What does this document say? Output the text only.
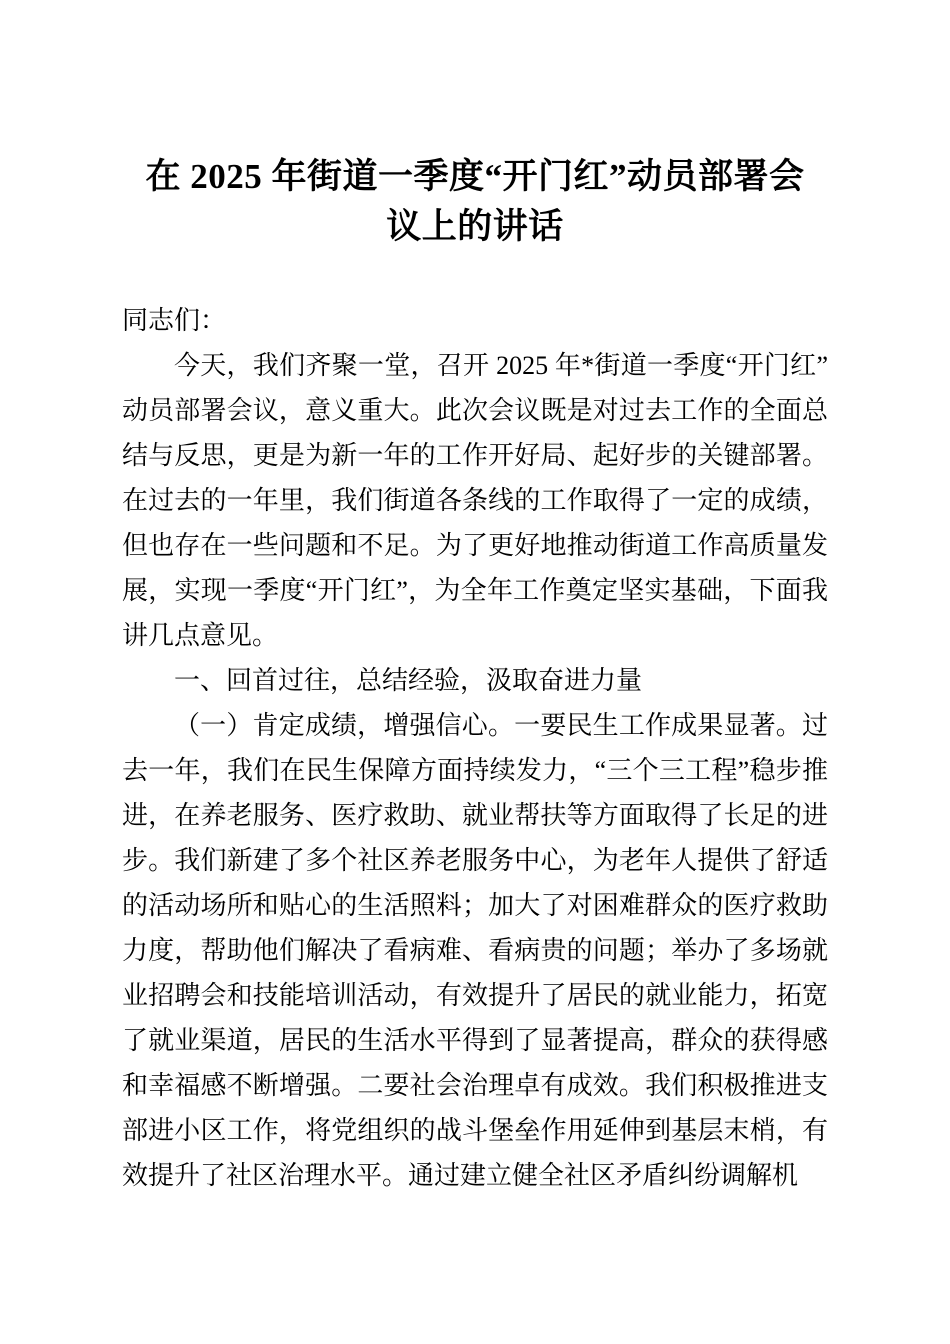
在 2025 年街道一季度“开门红”动员部署会
议上的讲话

同志们：

今天，我们齐聚一堂，召开 2025 年*街道一季度“开门红”动员部署会议，意义重大。此次会议既是对过去工作的全面总结与反思，更是为新一年的工作开好局、起好步的关键部署。在过去的一年里，我们街道各条线的工作取得了一定的成绩，但也存在一些问题和不足。为了更好地推动街道工作高质量发展，实现一季度“开门红”，为全年工作奠定坚实基础，下面我讲几点意见。

一、回首过往，总结经验，汲取奋进力量

（一）肯定成绩，增强信心。一要民生工作成果显著。过去一年，我们在民生保障方面持续发力，“三个三工程”稳步推进，在养老服务、医疗救助、就业帮扶等方面取得了长足的进步。我们新建了多个社区养老服务中心，为老年人提供了舒适的活动场所和贴心的生活照料；加大了对困难群众的医疗救助力度，帮助他们解决了看病难、看病贵的问题；举办了多场就业招聘会和技能培训活动，有效提升了居民的就业能力，拓宽了就业渠道，居民的生活水平得到了显著提高，群众的获得感和幸福感不断增强。二要社会治理卓有成效。我们积极推进支部进小区工作，将党组织的战斗堡垒作用延伸到基层末梢，有效提升了社区治理水平。通过建立健全社区矛盾纠纷调解机
